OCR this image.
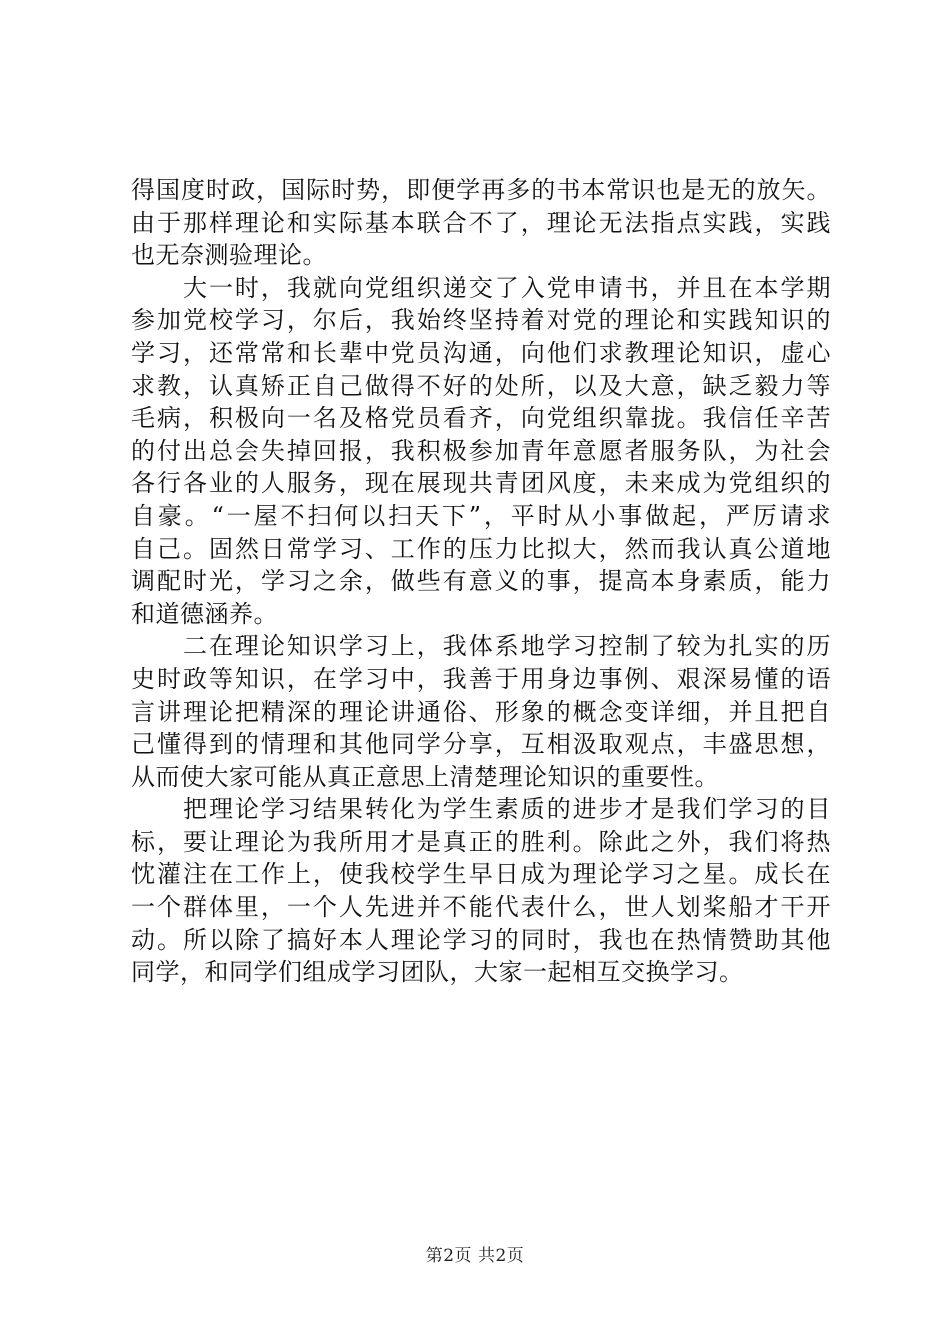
得国度时政，国际时势，即便学再多的书本常识也是无的放矢。
由于那样理论和实际基本联合不了，理论无法指点实践，实践
也无奈测验理论。
　　大一时，我就向党组织递交了入党申请书，并且在本学期
参加党校学习，尔后，我始终坚持着对党的理论和实践知识的
学习，还常常和长辈中党员沟通，向他们求教理论知识，虚心
求教，认真矫正自己做得不好的处所，以及大意，缺乏毅力等
毛病，积极向一名及格党员看齐，向党组织靠拢。我信任辛苦
的付出总会失掉回报，我积极参加青年意愿者服务队，为社会
各行各业的人服务，现在展现共青团风度，未来成为党组织的
自豪。“一屋不扫何以扫天下”，平时从小事做起，严厉请求
自己。固然日常学习、工作的压力比拟大，然而我认真公道地
调配时光，学习之余，做些有意义的事，提高本身素质，能力
和道德涵养。
　　二在理论知识学习上，我体系地学习控制了较为扎实的历
史时政等知识，在学习中，我善于用身边事例、艰深易懂的语
言讲理论把精深的理论讲通俗、形象的概念变详细，并且把自
己懂得到的情理和其他同学分享，互相汲取观点，丰盛思想，
从而使大家可能从真正意思上清楚理论知识的重要性。
　　把理论学习结果转化为学生素质的进步才是我们学习的目
标，要让理论为我所用才是真正的胜利。除此之外，我们将热
忱灌注在工作上，使我校学生早日成为理论学习之星。成长在
一个群体里，一个人先进并不能代表什么，世人划桨船才干开
动。所以除了搞好本人理论学习的同时，我也在热情赞助其他
同学，和同学们组成学习团队，大家一起相互交换学习。
第2页 共2页
